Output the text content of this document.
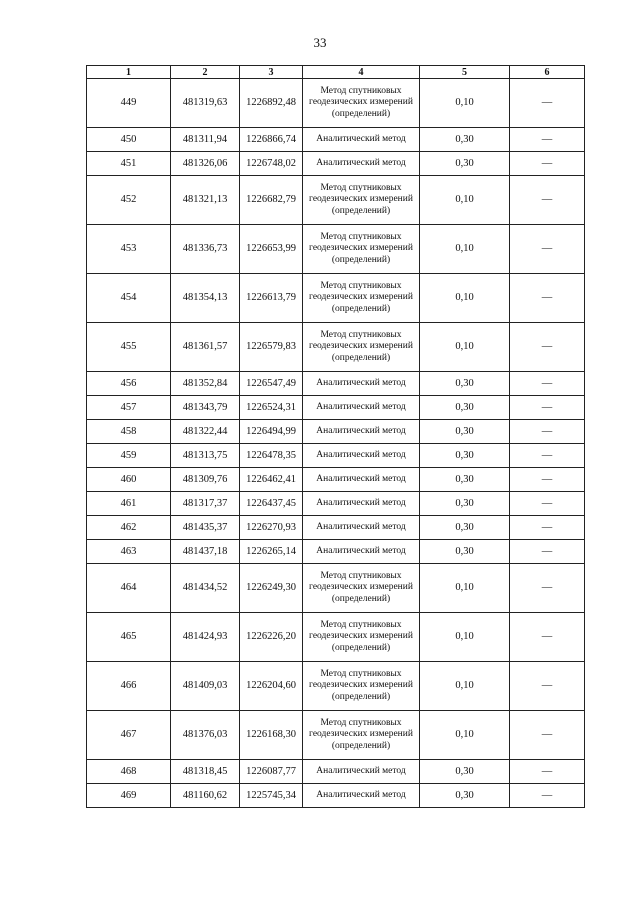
33
1	2	3	4	5	6
449	481319,63	1226892,48	Метод спутниковых геодезических измерений (определений)	0,10	—
450	481311,94	1226866,74	Аналитический метод	0,30	—
451	481326,06	1226748,02	Аналитический метод	0,30	—
452	481321,13	1226682,79	Метод спутниковых геодезических измерений (определений)	0,10	—
453	481336,73	1226653,99	Метод спутниковых геодезических измерений (определений)	0,10	—
454	481354,13	1226613,79	Метод спутниковых геодезических измерений (определений)	0,10	—
455	481361,57	1226579,83	Метод спутниковых геодезических измерений (определений)	0,10	—
456	481352,84	1226547,49	Аналитический метод	0,30	—
457	481343,79	1226524,31	Аналитический метод	0,30	—
458	481322,44	1226494,99	Аналитический метод	0,30	—
459	481313,75	1226478,35	Аналитический метод	0,30	—
460	481309,76	1226462,41	Аналитический метод	0,30	—
461	481317,37	1226437,45	Аналитический метод	0,30	—
462	481435,37	1226270,93	Аналитический метод	0,30	—
463	481437,18	1226265,14	Аналитический метод	0,30	—
464	481434,52	1226249,30	Метод спутниковых геодезических измерений (определений)	0,10	—
465	481424,93	1226226,20	Метод спутниковых геодезических измерений (определений)	0,10	—
466	481409,03	1226204,60	Метод спутниковых геодезических измерений (определений)	0,10	—
467	481376,03	1226168,30	Метод спутниковых геодезических измерений (определений)	0,10	—
468	481318,45	1226087,77	Аналитический метод	0,30	—
469	481160,62	1225745,34	Аналитический метод	0,30	—
